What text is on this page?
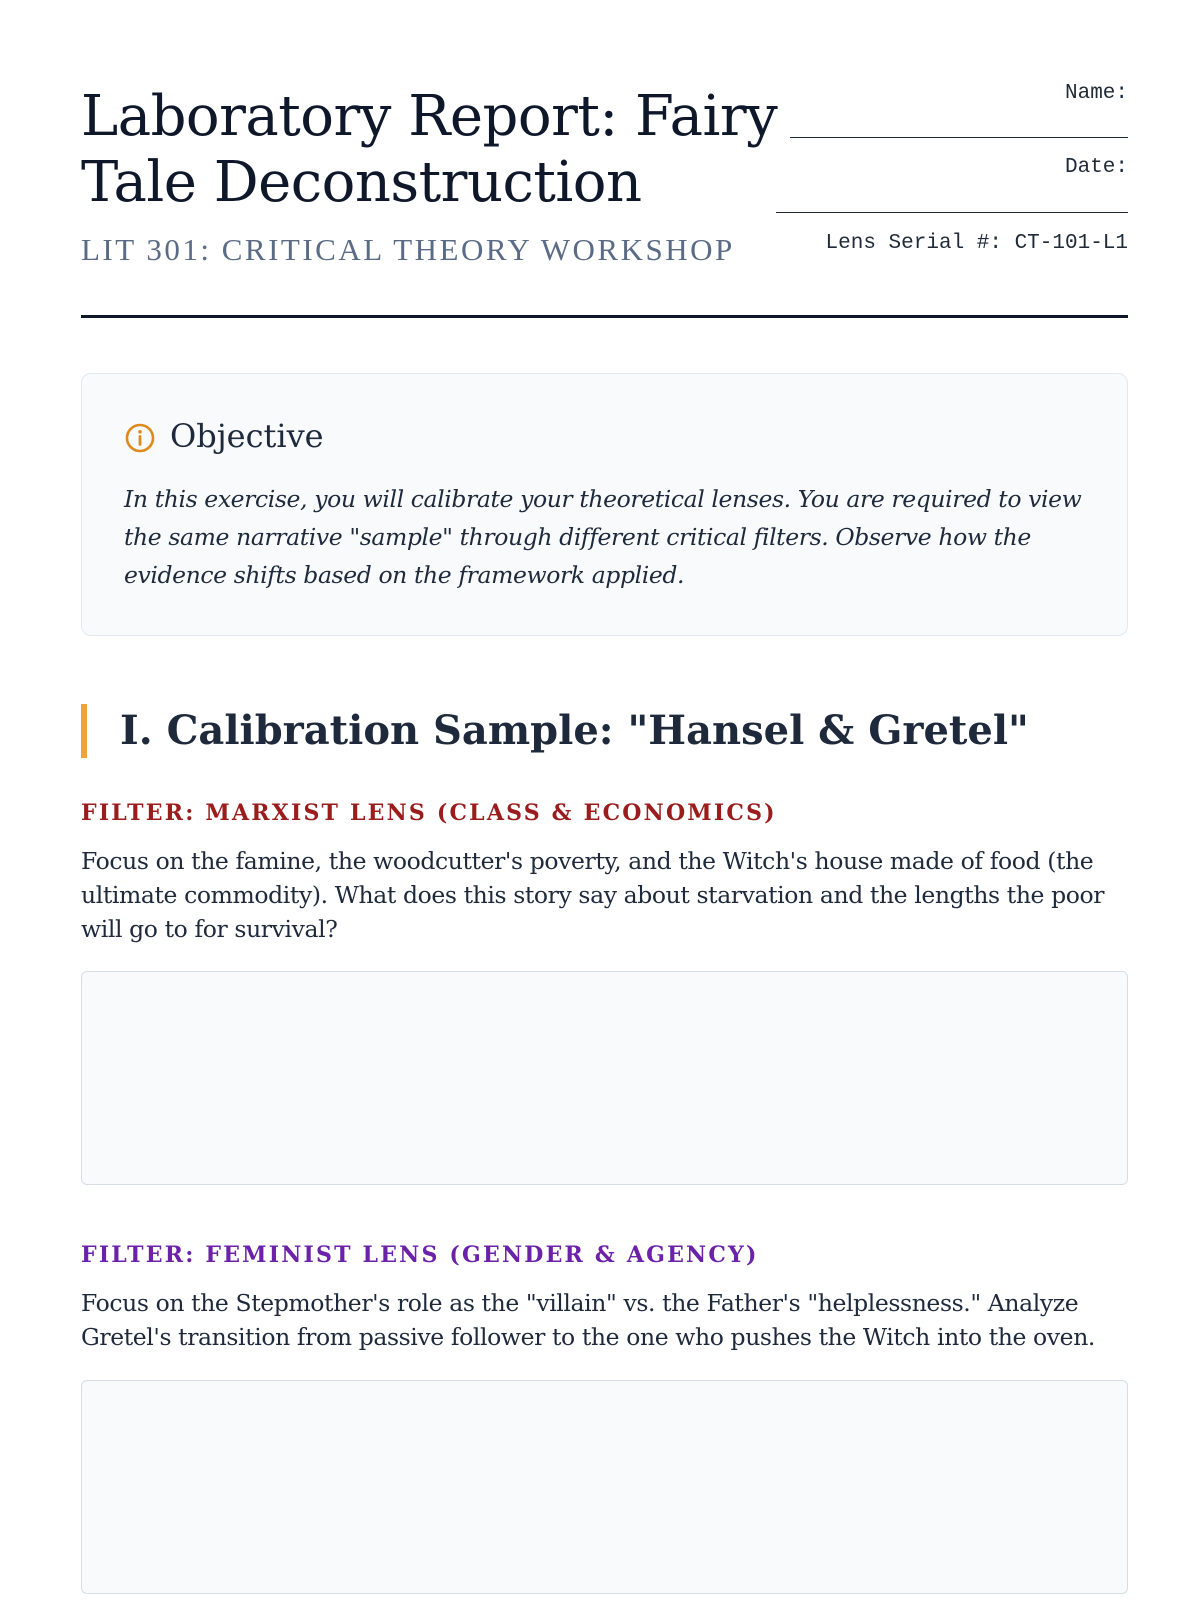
Laboratory Report: Fairy Tale Deconstruction
LIT 301: CRITICAL THEORY WORKSHOP
Name:
Date:
Lens Serial #: CT-101-L1
Objective

In this exercise, you will calibrate your theoretical lenses. You are required to view the same narrative "sample" through different critical filters. Observe how the evidence shifts based on the framework applied.

I. Calibration Sample: "Hansel & Gretel"
FILTER: MARXIST LENS (CLASS & ECONOMICS)

Focus on the famine, the woodcutter's poverty, and the Witch's house made of food (the ultimate commodity). What does this story say about starvation and the lengths the poor will go to for survival?

FILTER: FEMINIST LENS (GENDER & AGENCY)

Focus on the Stepmother's role as the "villain" vs. the Father's "helplessness." Analyze Gretel's transition from passive follower to the one who pushes the Witch into the oven.
